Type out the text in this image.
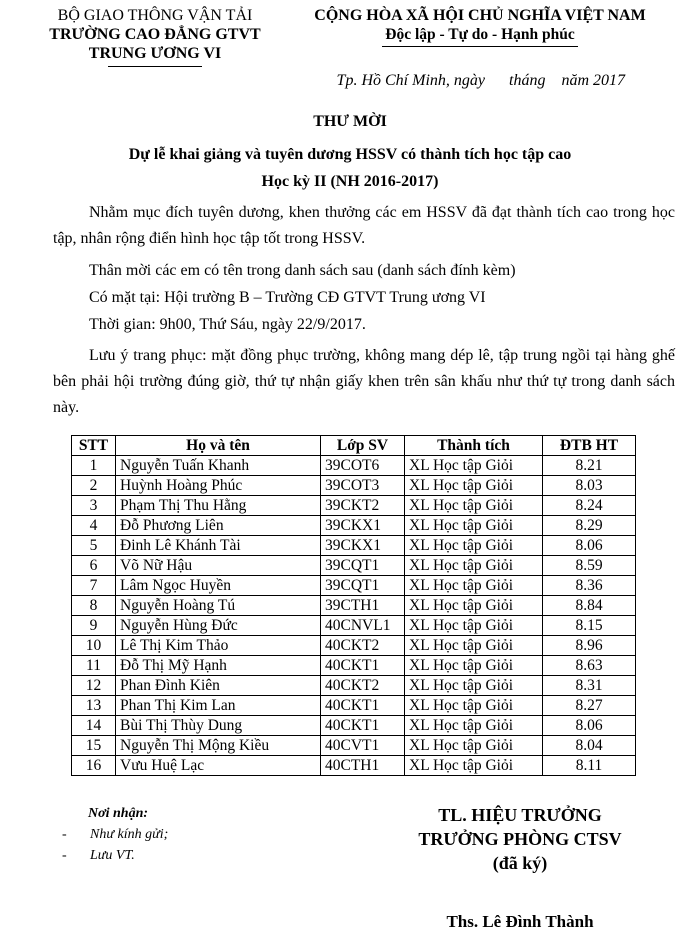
BỘ GIAO THÔNG VẬN TẢI
TRƯỜNG CAO ĐẲNG GTVT
TRUNG ƯƠNG VI
CỘNG HÒA XÃ HỘI CHỦ NGHĨA VIỆT NAM
Độc lập - Tự do - Hạnh phúc
Tp. Hồ Chí Minh, ngày      tháng    năm 2017
THƯ MỜI
Dự lễ khai giảng và tuyên dương HSSV có thành tích học tập cao
Học kỳ II (NH 2016-2017)
Nhằm mục đích tuyên dương, khen thưởng các em HSSV đã đạt thành tích cao trong học tập, nhân rộng điển hình học tập tốt trong HSSV.
Thân mời các em có tên trong danh sách sau (danh sách đính kèm)
Có mặt tại: Hội trường B – Trường CĐ GTVT Trung ương VI
Thời gian: 9h00, Thứ Sáu, ngày 22/9/2017.
Lưu ý trang phục: mặt đồng phục trường, không mang dép lê, tập trung ngồi tại hàng ghế bên phải hội trường đúng giờ, thứ tự nhận giấy khen trên sân khấu như thứ tự trong danh sách này.
STT	Họ và tên	Lớp SV	Thành tích	ĐTB HT
1	Nguyễn Tuấn Khanh	39COT6	XL Học tập Giỏi	8.21
2	Huỳnh Hoàng Phúc	39COT3	XL Học tập Giỏi	8.03
3	Phạm Thị Thu Hằng	39CKT2	XL Học tập Giỏi	8.24
4	Đỗ Phương Liên	39CKX1	XL Học tập Giỏi	8.29
5	Đinh Lê Khánh Tài	39CKX1	XL Học tập Giỏi	8.06
6	Võ Nữ Hậu	39CQT1	XL Học tập Giỏi	8.59
7	Lâm Ngọc Huyền	39CQT1	XL Học tập Giỏi	8.36
8	Nguyễn Hoàng Tú	39CTH1	XL Học tập Giỏi	8.84
9	Nguyễn Hùng Đức	40CNVL1	XL Học tập Giỏi	8.15
10	Lê Thị Kim Thảo	40CKT2	XL Học tập Giỏi	8.96
11	Đỗ Thị Mỹ Hạnh	40CKT1	XL Học tập Giỏi	8.63
12	Phan Đình Kiên	40CKT2	XL Học tập Giỏi	8.31
13	Phan Thị Kim Lan	40CKT1	XL Học tập Giỏi	8.27
14	Bùi Thị Thùy Dung	40CKT1	XL Học tập Giỏi	8.06
15	Nguyễn Thị Mộng Kiều	40CVT1	XL Học tập Giỏi	8.04
16	Vưu Huệ Lạc	40CTH1	XL Học tập Giỏi	8.11
Nơi nhận:
- Như kính gửi;
- Lưu VT.
TL. HIỆU TRƯỞNG
TRƯỞNG PHÒNG CTSV
(đã ký)
Ths. Lê Đình Thành
